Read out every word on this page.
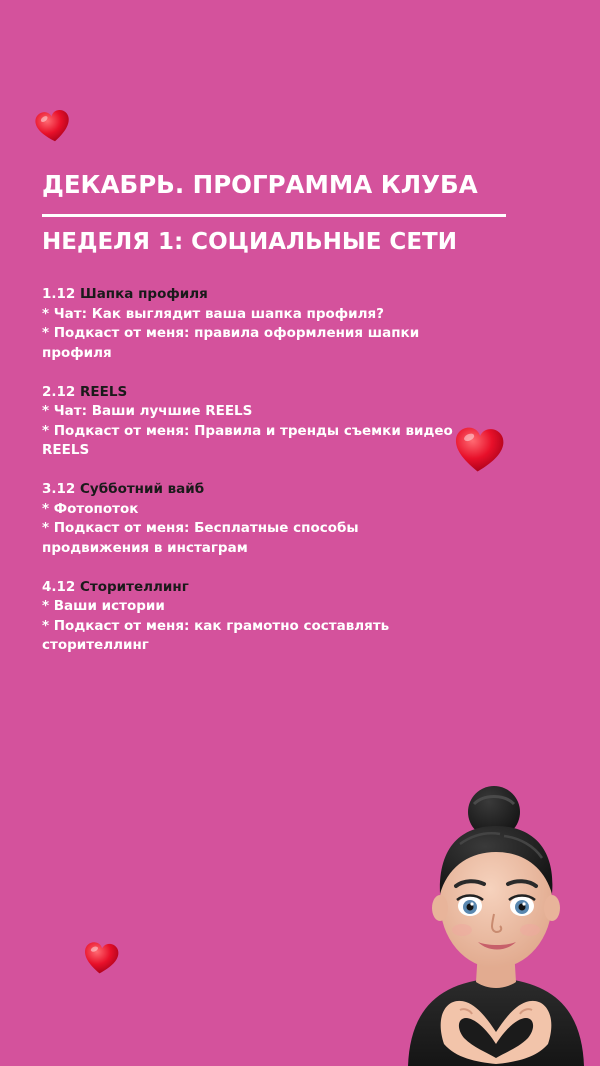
ДЕКАБРЬ. ПРОГРАММА КЛУБА
НЕДЕЛЯ 1: СОЦИАЛЬНЫЕ СЕТИ
1.12 Шапка профиля
* Чат: Как выглядит ваша шапка профиля?
* Подкаст от меня: правила оформления шапки профиля
2.12 REELS
* Чат: Ваши лучшие REELS
* Подкаст от меня: Правила и тренды съемки видео REELS
3.12 Субботний вайб
* Фотопоток
* Подкаст от меня: Бесплатные способы продвижения в инстаграм
4.12 Сторителлинг
* Ваши истории
* Подкаст от меня: как грамотно составлять сторителлинг
